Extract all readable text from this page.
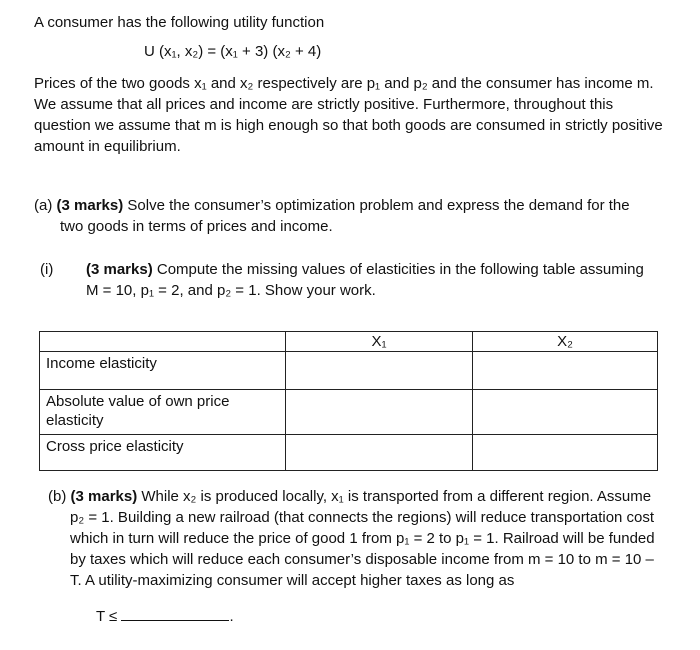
A consumer has the following utility function
U (x₁, x₂) = (x₁ + 3) (x₂ + 4)
Prices of the two goods x₁ and x₂ respectively are p₁ and p₂ and the consumer has income m. We assume that all prices and income are strictly positive. Furthermore, throughout this question we assume that m is high enough so that both goods are consumed in strictly positive amount in equilibrium.
(a) (3 marks) Solve the consumer’s optimization problem and express the demand for the
two goods in terms of prices and income.
(i) (3 marks) Compute the missing values of elasticities in the following table assuming
M = 10, p₁ = 2, and p₂ = 1. Show your work.
	X₁	X₂
Income elasticity		
Absolute value of own price elasticity		
Cross price elasticity		
(b) (3 marks) While x₂ is produced locally, x₁ is transported from a different region. Assume
p₂ = 1. Building a new railroad (that connects the regions) will reduce transportation cost which in turn will reduce the price of good 1 from p₁ = 2 to p₁ = 1. Railroad will be funded by taxes which will reduce each consumer’s disposable income from m = 10 to m = 10 – T. A utility-maximizing consumer will accept higher taxes as long as
T ≤	.
